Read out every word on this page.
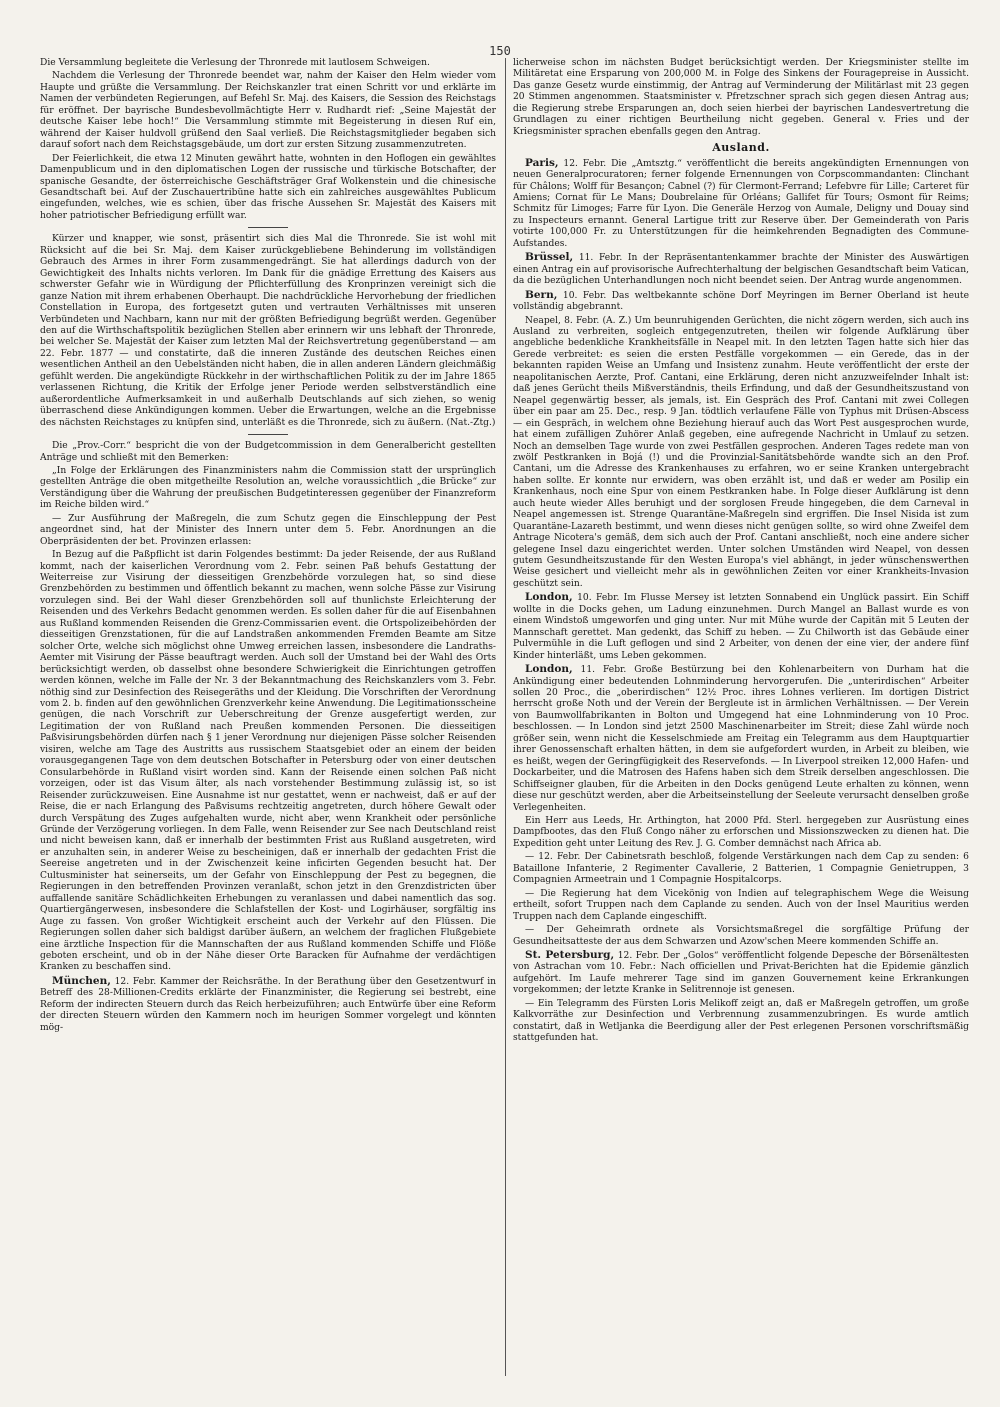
150

Die Versammlung begleitete die Verlesung der Thronrede mit lautlosem Schweigen.

Nachdem die Verlesung der Thronrede beendet war, nahm der Kaiser den Helm wieder vom Haupte und grüßte die Versammlung. Der Reichskanzler trat einen Schritt vor und erklärte im Namen der verbündeten Regierungen, auf Befehl Sr. Maj. des Kaisers, die Session des Reichstags für eröffnet. Der bayrische Bundesbevollmächtigte Herr v. Rudhardt rief: „Seine Majestät der deutsche Kaiser lebe hoch!“ Die Versammlung stimmte mit Begeisterung in diesen Ruf ein, während der Kaiser huldvoll grüßend den Saal verließ. Die Reichstagsmitglieder begaben sich darauf sofort nach dem Reichstagsgebäude, um dort zur ersten Sitzung zusammenzutreten.

Der Feierlichkeit, die etwa 12 Minuten gewährt hatte, wohnten in den Hoflogen ein gewähltes Damenpublicum und in den diplomatischen Logen der russische und türkische Botschafter, der spanische Gesandte, der österreichische Geschäftsträger Graf Wolkenstein und die chinesische Gesandtschaft bei. Auf der Zuschauertribüne hatte sich ein zahlreiches ausgewähltes Publicum eingefunden, welches, wie es schien, über das frische Aussehen Sr. Majestät des Kaisers mit hoher patriotischer Befriedigung erfüllt war.

Kürzer und knapper, wie sonst, präsentirt sich dies Mal die Thronrede. Sie ist wohl mit Rücksicht auf die bei Sr. Maj. dem Kaiser zurückgebliebene Behinderung im vollständigen Gebrauch des Armes in ihrer Form zusammengedrängt. Sie hat allerdings dadurch von der Gewichtigkeit des Inhalts nichts verloren. Im Dank für die gnädige Errettung des Kaisers aus schwerster Gefahr wie in Würdigung der Pflichterfüllung des Kronprinzen vereinigt sich die ganze Nation mit ihrem erhabenen Oberhaupt. Die nachdrückliche Hervorhebung der friedlichen Constellation in Europa, des fortgesetzt guten und vertrauten Verhältnisses mit unseren Verbündeten und Nachbarn, kann nur mit der größten Befriedigung begrüßt werden. Gegenüber den auf die Wirthschaftspolitik bezüglichen Stellen aber erinnern wir uns lebhaft der Thronrede, bei welcher Se. Majestät der Kaiser zum letzten Mal der Reichsvertretung gegenüberstand — am 22. Febr. 1877 — und constatirte, daß die inneren Zustände des deutschen Reiches einen wesentlichen Antheil an den Uebelständen nicht haben, die in allen anderen Ländern gleichmäßig gefühlt werden. Die angekündigte Rückkehr in der wirthschaftlichen Politik zu der im Jahre 1865 verlassenen Richtung, die Kritik der Erfolge jener Periode werden selbstverständlich eine außerordentliche Aufmerksamkeit in und außerhalb Deutschlands auf sich ziehen, so wenig überraschend diese Ankündigungen kommen. Ueber die Erwartungen, welche an die Ergebnisse des nächsten Reichstages zu knüpfen sind, unterläßt es die Thronrede, sich zu äußern. (Nat.-Ztg.)

Die „Prov.-Corr.“ bespricht die von der Budgetcommission in dem Generalbericht gestellten Anträge und schließt mit den Bemerken:

„In Folge der Erklärungen des Finanzministers nahm die Commission statt der ursprünglich gestellten Anträge die oben mitgetheilte Resolution an, welche voraussichtlich „die Brücke“ zur Verständigung über die Wahrung der preußischen Budgetinteressen gegenüber der Finanzreform im Reiche bilden wird.“

— Zur Ausführung der Maßregeln, die zum Schutz gegen die Einschleppung der Pest angeordnet sind, hat der Minister des Innern unter dem 5. Febr. Anordnungen an die Oberpräsidenten der bet. Provinzen erlassen:

In Bezug auf die Paßpflicht ist darin Folgendes bestimmt: Da jeder Reisende, der aus Rußland kommt, nach der kaiserlichen Verordnung vom 2. Febr. seinen Paß behufs Gestattung der Weiterreise zur Visirung der diesseitigen Grenzbehörde vorzulegen hat, so sind diese Grenzbehörden zu bestimmen und öffentlich bekannt zu machen, wenn solche Pässe zur Visirung vorzulegen sind. Bei der Wahl dieser Grenzbehörden soll auf thunlichste Erleichterung der Reisenden und des Verkehrs Bedacht genommen werden. Es sollen daher für die auf Eisenbahnen aus Rußland kommenden Reisenden die Grenz-Commissarien event. die Ortspolizeibehörden der diesseitigen Grenzstationen, für die auf Landstraßen ankommenden Fremden Beamte am Sitze solcher Orte, welche sich möglichst ohne Umweg erreichen lassen, insbesondere die Landraths-Aemter mit Visirung der Pässe beauftragt werden. Auch soll der Umstand bei der Wahl des Orts berücksichtigt werden, ob dasselbst ohne besondere Schwierigkeit die Einrichtungen getroffen werden können, welche im Falle der Nr. 3 der Bekanntmachung des Reichskanzlers vom 3. Febr. nöthig sind zur Desinfection des Reisegeräths und der Kleidung. Die Vorschriften der Verordnung vom 2. b. finden auf den gewöhnlichen Grenzverkehr keine Anwendung. Die Legitimationsscheine genügen, die nach Vorschrift zur Ueberschreitung der Grenze ausgefertigt werden, zur Legitimation der von Rußland nach Preußen kommenden Personen. Die diesseitigen Paßvisirungsbehörden dürfen nach § 1 jener Verordnung nur diejenigen Pässe solcher Reisenden visiren, welche am Tage des Austritts aus russischem Staatsgebiet oder an einem der beiden vorausgegangenen Tage von dem deutschen Botschafter in Petersburg oder von einer deutschen Consularbehörde in Rußland visirt worden sind. Kann der Reisende einen solchen Paß nicht vorzeigen, oder ist das Visum älter, als nach vorstehender Bestimmung zulässig ist, so ist Reisender zurückzuweisen. Eine Ausnahme ist nur gestattet, wenn er nachweist, daß er auf der Reise, die er nach Erlangung des Paßvisums rechtzeitig angetreten, durch höhere Gewalt oder durch Verspätung des Zuges aufgehalten wurde, nicht aber, wenn Krankheit oder persönliche Gründe der Verzögerung vorliegen. In dem Falle, wenn Reisender zur See nach Deutschland reist und nicht beweisen kann, daß er innerhalb der bestimmten Frist aus Rußland ausgetreten, wird er anzuhalten sein, in anderer Weise zu bescheinigen, daß er innerhalb der gedachten Frist die Seereise angetreten und in der Zwischenzeit keine inficirten Gegenden besucht hat. Der Cultusminister hat seinerseits, um der Gefahr von Einschleppung der Pest zu begegnen, die Regierungen in den betreffenden Provinzen veranlaßt, schon jetzt in den Grenzdistricten über auffallende sanitäre Schädlichkeiten Erhebungen zu veranlassen und dabei namentlich das sog. Quartiergängerwesen, insbesondere die Schlafstellen der Kost- und Logirhäuser, sorgfältig ins Auge zu fassen. Von großer Wichtigkeit erscheint auch der Verkehr auf den Flüssen. Die Regierungen sollen daher sich baldigst darüber äußern, an welchem der fraglichen Flußgebiete eine ärztliche Inspection für die Mannschaften der aus Rußland kommenden Schiffe und Flöße geboten erscheint, und ob in der Nähe dieser Orte Baracken für Aufnahme der verdächtigen Kranken zu beschaffen sind.

München, 12. Febr. Kammer der Reichsräthe. In der Berathung über den Gesetzentwurf in Betreff des 28-Millionen-Credits erklärte der Finanzminister, die Regierung sei bestrebt, eine Reform der indirecten Steuern durch das Reich herbeizuführen; auch Entwürfe über eine Reform der directen Steuern würden den Kammern noch im heurigen Sommer vorgelegt und könnten mög-

licherweise schon im nächsten Budget berücksichtigt werden. Der Kriegsminister stellte im Militäretat eine Ersparung von 200,000 M. in Folge des Sinkens der Fouragepreise in Aussicht. Das ganze Gesetz wurde einstimmig, der Antrag auf Verminderung der Militärlast mit 23 gegen 20 Stimmen angenommen. Staatsminister v. Pfretzschner sprach sich gegen diesen Antrag aus; die Regierung strebe Ersparungen an, doch seien hierbei der bayrischen Landesvertretung die Grundlagen zu einer richtigen Beurtheilung nicht gegeben. General v. Fries und der Kriegsminister sprachen ebenfalls gegen den Antrag.

Ausland.

Paris, 12. Febr. Die „Amtsztg.“ veröffentlicht die bereits angekündigten Ernennungen von neuen Generalprocuratoren; ferner folgende Ernennungen von Corpscommandanten: Clinchant für Châlons; Wolff für Besançon; Cabnel (?) für Clermont-Ferrand; Lefebvre für Lille; Carteret für Amiens; Cornat für Le Mans; Doubrelaine für Orléans; Gallifet für Tours; Osmont für Reims; Schmitz für Limoges; Farre für Lyon. Die Generäle Herzog von Aumale, Deligny und Douay sind zu Inspecteurs ernannt. General Lartigue tritt zur Reserve über. Der Gemeinderath von Paris votirte 100,000 Fr. zu Unterstützungen für die heimkehrenden Begnadigten des Commune-Aufstandes.

Brüssel, 11. Febr. In der Repräsentantenkammer brachte der Minister des Auswärtigen einen Antrag ein auf provisorische Aufrechterhaltung der belgischen Gesandtschaft beim Vatican, da die bezüglichen Unterhandlungen noch nicht beendet seien. Der Antrag wurde angenommen.

Bern, 10. Febr. Das weltbekannte schöne Dorf Meyringen im Berner Oberland ist heute vollständig abgebrannt.

Neapel, 8. Febr. (A. Z.) Um beunruhigenden Gerüchten, die nicht zögern werden, sich auch ins Ausland zu verbreiten, sogleich entgegenzutreten, theilen wir folgende Aufklärung über angebliche bedenkliche Krankheitsfälle in Neapel mit. In den letzten Tagen hatte sich hier das Gerede verbreitet: es seien die ersten Pestfälle vorgekommen — ein Gerede, das in der bekannten rapiden Weise an Umfang und Insistenz zunahm. Heute veröffentlicht der erste der neapolitanischen Aerzte, Prof. Cantani, eine Erklärung, deren nicht anzuzweifelnder Inhalt ist: daß jenes Gerücht theils Mißverständnis, theils Erfindung, und daß der Gesundheitszustand von Neapel gegenwärtig besser, als jemals, ist. Ein Gespräch des Prof. Cantani mit zwei Collegen über ein paar am 25. Dec., resp. 9 Jan. tödtlich verlaufene Fälle von Typhus mit Drüsen-Abscess — ein Gespräch, in welchem ohne Beziehung hierauf auch das Wort Pest ausgesprochen wurde, hat einem zufälligen Zuhörer Anlaß gegeben, eine aufregende Nachricht in Umlauf zu setzen. Noch an demselben Tage wurde von zwei Pestfällen gesprochen. Anderen Tages redete man von zwölf Pestkranken in Bojá (!) und die Provinzial-Sanitätsbehörde wandte sich an den Prof. Cantani, um die Adresse des Krankenhauses zu erfahren, wo er seine Kranken untergebracht haben sollte. Er konnte nur erwidern, was oben erzählt ist, und daß er weder am Posilip ein Krankenhaus, noch eine Spur von einem Pestkranken habe. In Folge dieser Aufklärung ist denn auch heute wieder Alles beruhigt und der sorglosen Freude hingegeben, die dem Carneval in Neapel angemessen ist. Strenge Quarantäne-Maßregeln sind ergriffen. Die Insel Nisida ist zum Quarantäne-Lazareth bestimmt, und wenn dieses nicht genügen sollte, so wird ohne Zweifel dem Antrage Nicotera's gemäß, dem sich auch der Prof. Cantani anschließt, noch eine andere sicher gelegene Insel dazu eingerichtet werden. Unter solchen Umständen wird Neapel, von dessen gutem Gesundheitszustande für den Westen Europa's viel abhängt, in jeder wünschenswerthen Weise gesichert und vielleicht mehr als in gewöhnlichen Zeiten vor einer Krankheits-Invasion geschützt sein.

London, 10. Febr. Im Flusse Mersey ist letzten Sonnabend ein Unglück passirt. Ein Schiff wollte in die Docks gehen, um Ladung einzunehmen. Durch Mangel an Ballast wurde es von einem Windstoß umgeworfen und ging unter. Nur mit Mühe wurde der Capitän mit 5 Leuten der Mannschaft gerettet. Man gedenkt, das Schiff zu heben. — Zu Chilworth ist das Gebäude einer Pulvermühle in die Luft geflogen und sind 2 Arbeiter, von denen der eine vier, der andere fünf Kinder hinterläßt, ums Leben gekommen.

London, 11. Febr. Große Bestürzung bei den Kohlenarbeitern von Durham hat die Ankündigung einer bedeutenden Lohnminderung hervorgerufen. Die „unterirdischen“ Arbeiter sollen 20 Proc., die „oberirdischen“ 12½ Proc. ihres Lohnes verlieren. Im dortigen District herrscht große Noth und der Verein der Bergleute ist in ärmlichen Verhältnissen. — Der Verein von Baumwollfabrikanten in Bolton und Umgegend hat eine Lohnminderung von 10 Proc. beschlossen. — In London sind jetzt 2500 Maschinenarbeiter im Streit; diese Zahl würde noch größer sein, wenn nicht die Kesselschmiede am Freitag ein Telegramm aus dem Hauptquartier ihrer Genossenschaft erhalten hätten, in dem sie aufgefordert wurden, in Arbeit zu bleiben, wie es heißt, wegen der Geringfügigkeit des Reservefonds. — In Liverpool streiken 12,000 Hafen- und Dockarbeiter, und die Matrosen des Hafens haben sich dem Streik derselben angeschlossen. Die Schiffseigner glauben, für die Arbeiten in den Docks genügend Leute erhalten zu können, wenn diese nur geschützt werden, aber die Arbeitseinstellung der Seeleute verursacht denselben große Verlegenheiten.

Ein Herr aus Leeds, Hr. Arthington, hat 2000 Pfd. Sterl. hergegeben zur Ausrüstung eines Dampfbootes, das den Fluß Congo näher zu erforschen und Missionszwecken zu dienen hat. Die Expedition geht unter Leitung des Rev. J. G. Comber demnächst nach Africa ab.

— 12. Febr. Der Cabinetsrath beschloß, folgende Verstärkungen nach dem Cap zu senden: 6 Bataillone Infanterie, 2 Regimenter Cavallerie, 2 Batterien, 1 Compagnie Genietruppen, 3 Compagnien Armeetrain und 1 Compagnie Hospitalcorps.

— Die Regierung hat dem Vicekönig von Indien auf telegraphischem Wege die Weisung ertheilt, sofort Truppen nach dem Caplande zu senden. Auch von der Insel Mauritius werden Truppen nach dem Caplande eingeschifft.

— Der Geheimrath ordnete als Vorsichtsmaßregel die sorgfältige Prüfung der Gesundheitsatteste der aus dem Schwarzen und Azow'schen Meere kommenden Schiffe an.

St. Petersburg, 12. Febr. Der „Golos“ veröffentlicht folgende Depesche der Börsenältesten von Astrachan vom 10. Febr.: Nach officiellen und Privat-Berichten hat die Epidemie gänzlich aufgehört. Im Laufe mehrerer Tage sind im ganzen Gouvernement keine Erkrankungen vorgekommen; der letzte Kranke in Selitrennoje ist genesen.

— Ein Telegramm des Fürsten Loris Melikoff zeigt an, daß er Maßregeln getroffen, um große Kalkvorräthe zur Desinfection und Verbrennung zusammenzubringen. Es wurde amtlich constatirt, daß in Wetljanka die Beerdigung aller der Pest erlegenen Personen vorschriftsmäßig stattgefunden hat.
